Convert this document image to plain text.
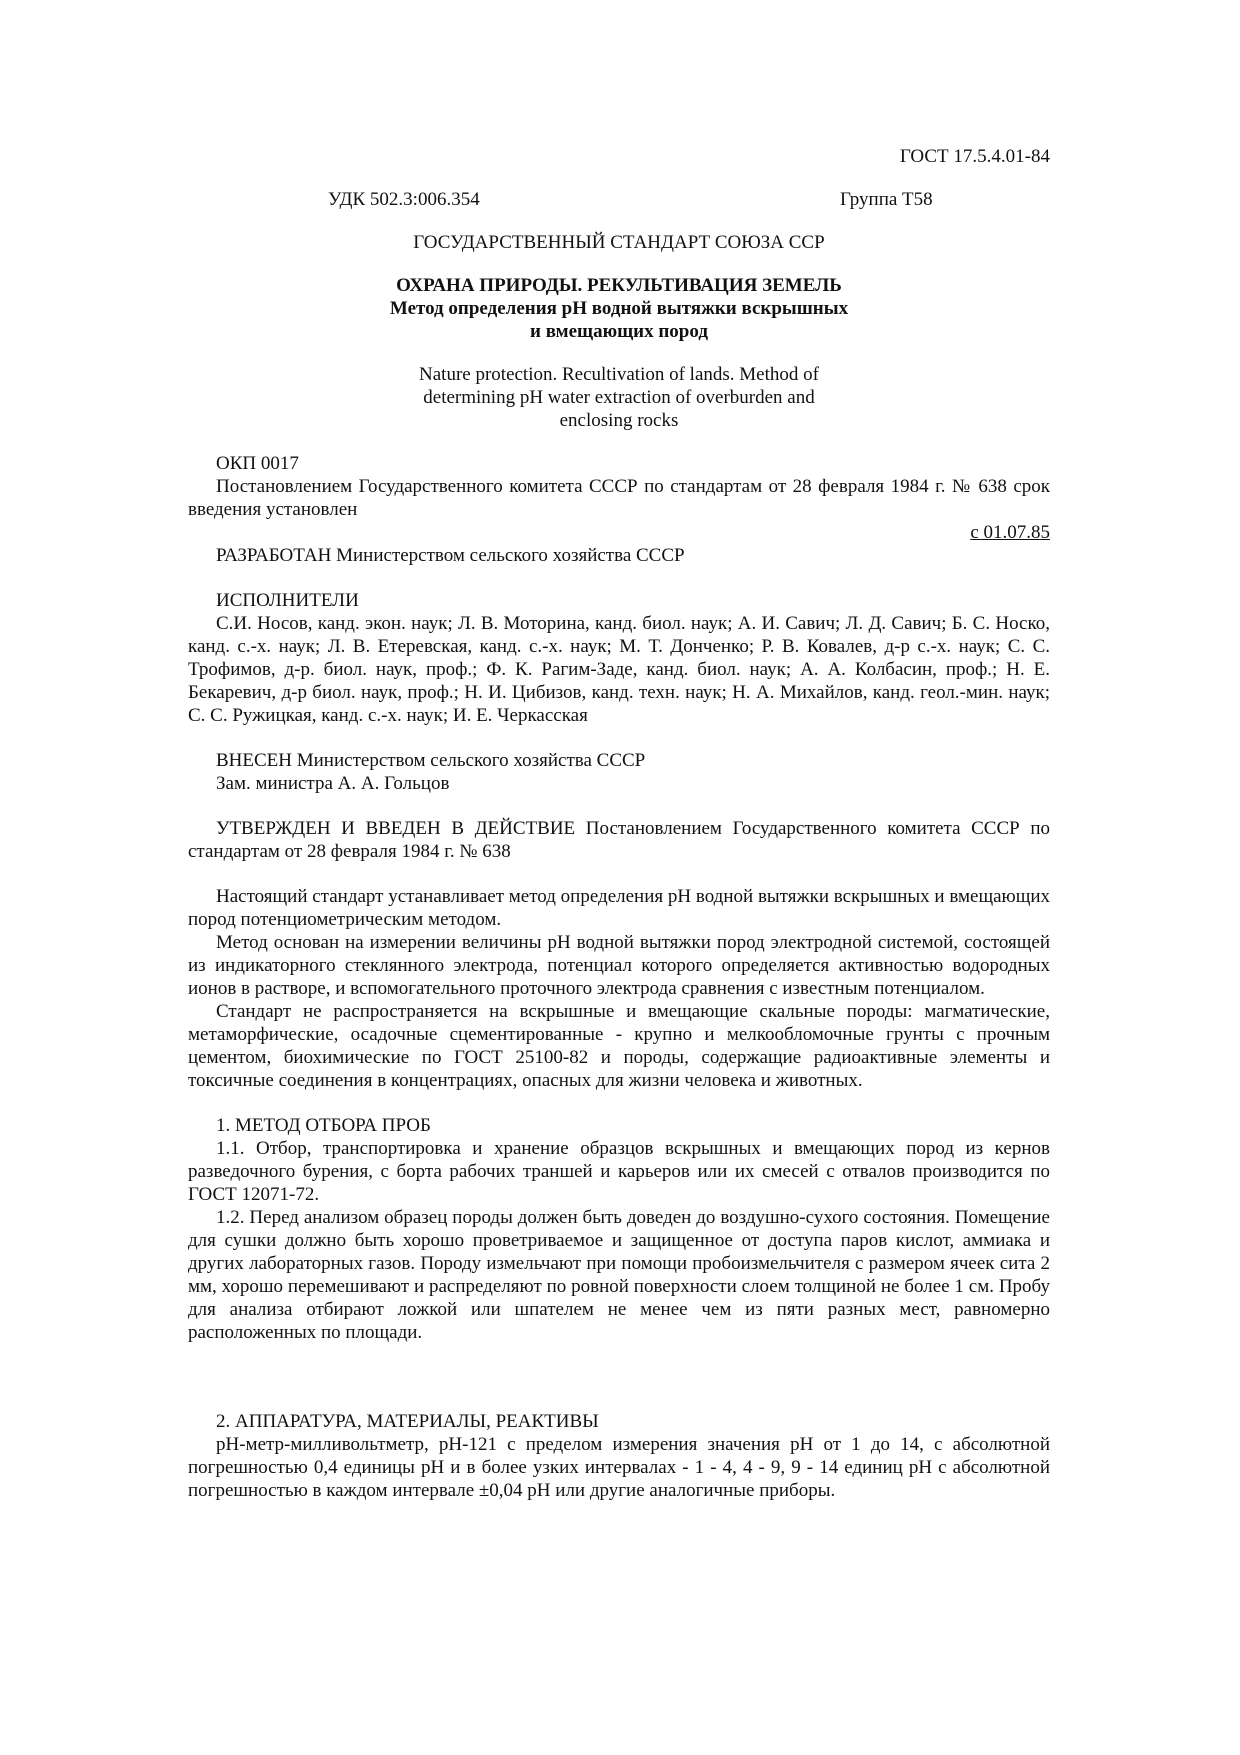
ГОСТ 17.5.4.01-84

УДК 502.3:006.354	Группа Т58

ГОСУДАРСТВЕННЫЙ СТАНДАРТ СОЮЗА ССР

ОХРАНА ПРИРОДЫ. РЕКУЛЬТИВАЦИЯ ЗЕМЕЛЬ

Метод определения рН водной вытяжки вскрышных

и вмещающих пород

Nature protection. Recultivation of lands. Method of

determining pH water extraction of overburden and

enclosing rocks

ОКП 0017

Постановлением Государственного комитета СССР по стандартам от 28 февраля 1984 г. № 638 срок введения установлен

с 01.07.85

РАЗРАБОТАН Министерством сельского хозяйства СССР

ИСПОЛНИТЕЛИ

С.И. Носов, канд. экон. наук; Л. В. Моторина, канд. биол. наук; А. И. Савич; Л. Д. Савич; Б. С. Носко, канд. с.-х. наук; Л. В. Етеревская, канд. с.-х. наук; М. Т. Донченко; Р. В. Ковалев, д-р с.-х. наук; С. С. Трофимов, д-р. биол. наук, проф.; Ф. К. Рагим-Заде, канд. биол. наук; А. А. Колбасин, проф.; Н. Е. Бекаревич, д-р биол. наук, проф.; Н. И. Цибизов, канд. техн. наук; Н. А. Михайлов, канд. геол.-мин. наук; С. С. Ружицкая, канд. с.-х. наук; И. Е. Черкасская

ВНЕСЕН Министерством сельского хозяйства СССР

Зам. министра А. А. Гольцов

УТВЕРЖДЕН И ВВЕДЕН В ДЕЙСТВИЕ Постановлением Государственного комитета СССР по стандартам от 28 февраля 1984 г. № 638

Настоящий стандарт устанавливает метод определения рН водной вытяжки вскрышных и вмещающих пород потенциометрическим методом.

Метод основан на измерении величины рН водной вытяжки пород электродной системой, состоящей из индикаторного стеклянного электрода, потенциал которого определяется активностью водородных ионов в растворе, и вспомогательного проточного электрода сравнения с известным потенциалом.

Стандарт не распространяется на вскрышные и вмещающие скальные породы: магматические, метаморфические, осадочные сцементированные - крупно и мелкообломочные грунты с прочным цементом, биохимические по ГОСТ 25100-82 и породы, содержащие радиоактивные элементы и токсичные соединения в концентрациях, опасных для жизни человека и животных.

1. МЕТОД ОТБОРА ПРОБ

1.1. Отбор, транспортировка и хранение образцов вскрышных и вмещающих пород из кернов разведочного бурения, с борта рабочих траншей и карьеров или их смесей с отвалов производится по ГОСТ 12071-72.

1.2. Перед анализом образец породы должен быть доведен до воздушно-сухого состояния. Помещение для сушки должно быть хорошо проветриваемое и защищенное от доступа паров кислот, аммиака и других лабораторных газов. Породу измельчают при помощи пробоизмельчителя с размером ячеек сита 2 мм, хорошо перемешивают и распределяют по ровной поверхности слоем толщиной не более 1 см. Пробу для анализа отбирают ложкой или шпателем не менее чем из пяти разных мест, равномерно расположенных по площади.

2. АППАРАТУРА, МАТЕРИАЛЫ, РЕАКТИВЫ

рН-метр-милливольтметр, рН-121 с пределом измерения значения рН от 1 до 14, с абсолютной погрешностью 0,4 единицы рН и в более узких интервалах - 1 - 4, 4 - 9, 9 - 14 единиц рН с абсолютной погрешностью в каждом интервале ±0,04 рН или другие аналогичные приборы.
